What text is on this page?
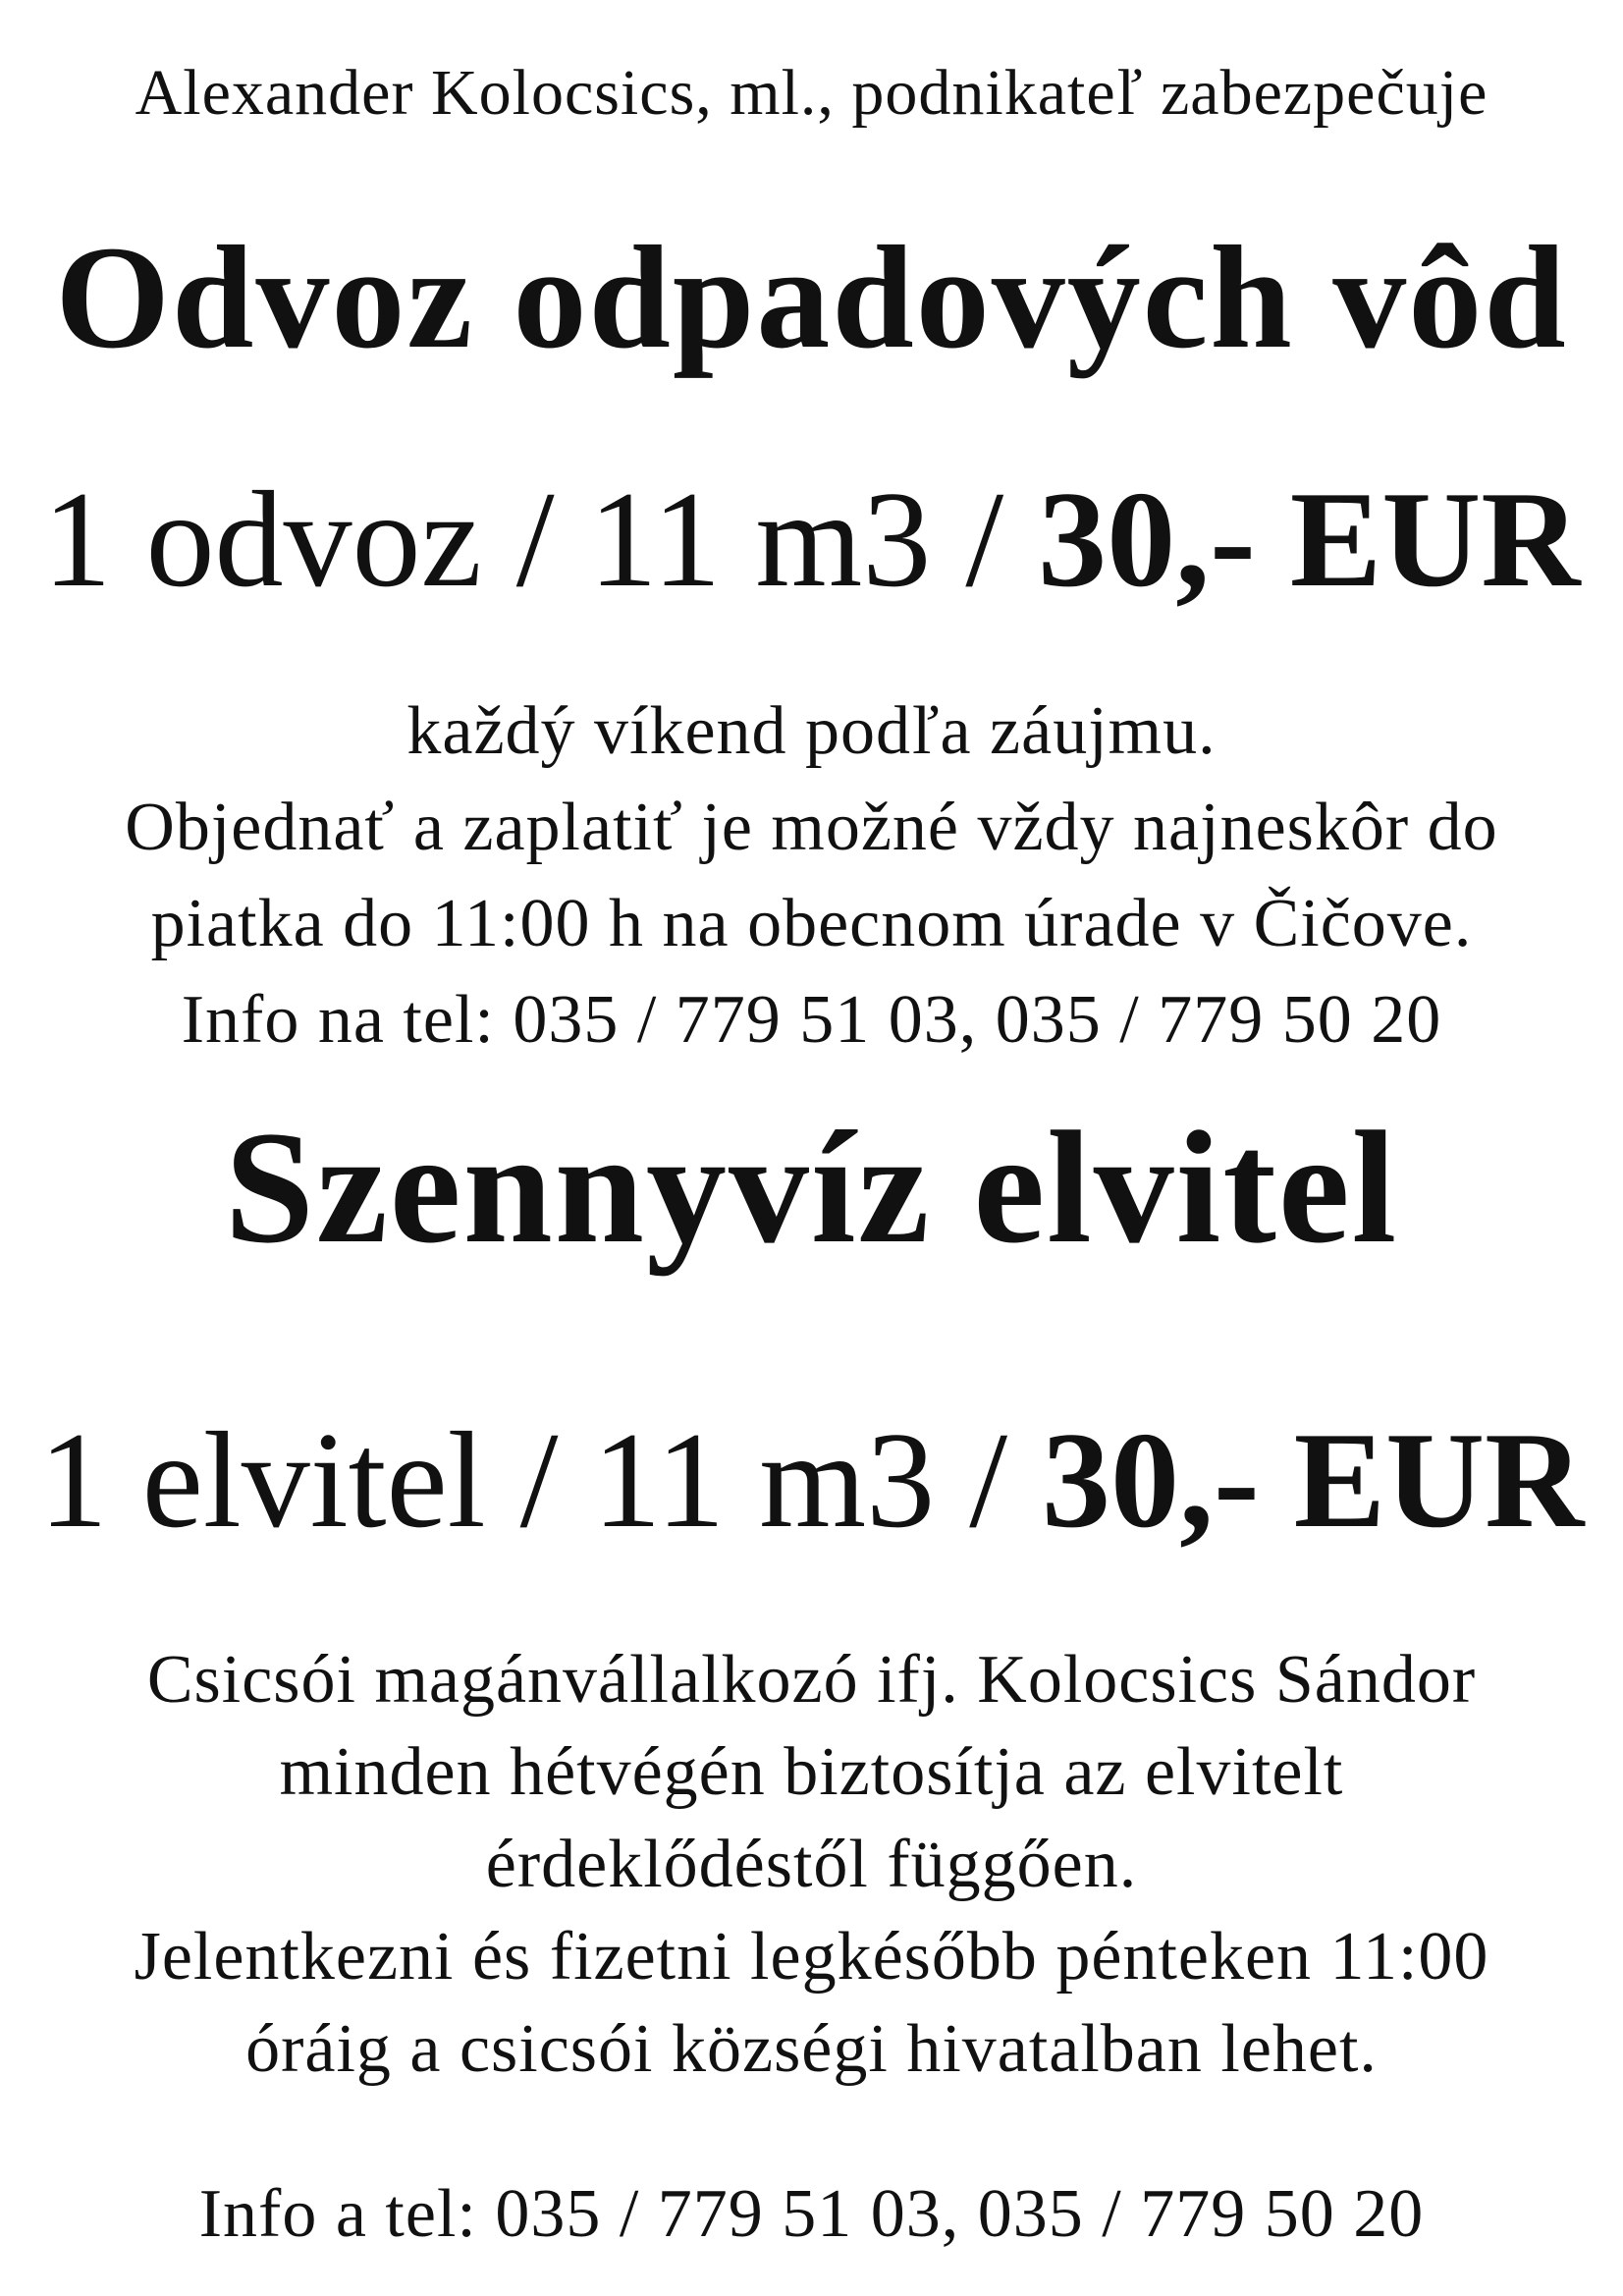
Alexander Kolocsics, ml., podnikateľ zabezpečuje
Odvoz odpadových vôd
1 odvoz / 11 m3 / 30,- EUR
každý víkend podľa záujmu.
Objednať a zaplatiť je možné vždy najneskôr do
piatka do 11:00 h na obecnom úrade v Čičove.
Info na tel: 035 / 779 51 03, 035 / 779 50 20
Szennyvíz elvitel
1 elvitel / 11 m3 / 30,- EUR
Csicsói magánvállalkozó ifj. Kolocsics Sándor
minden hétvégén biztosítja az elvitelt
érdeklődéstől függően.
Jelentkezni és fizetni legkésőbb pénteken 11:00
óráig a csicsói községi hivatalban lehet.
Info a tel: 035 / 779 51 03, 035 / 779 50 20
